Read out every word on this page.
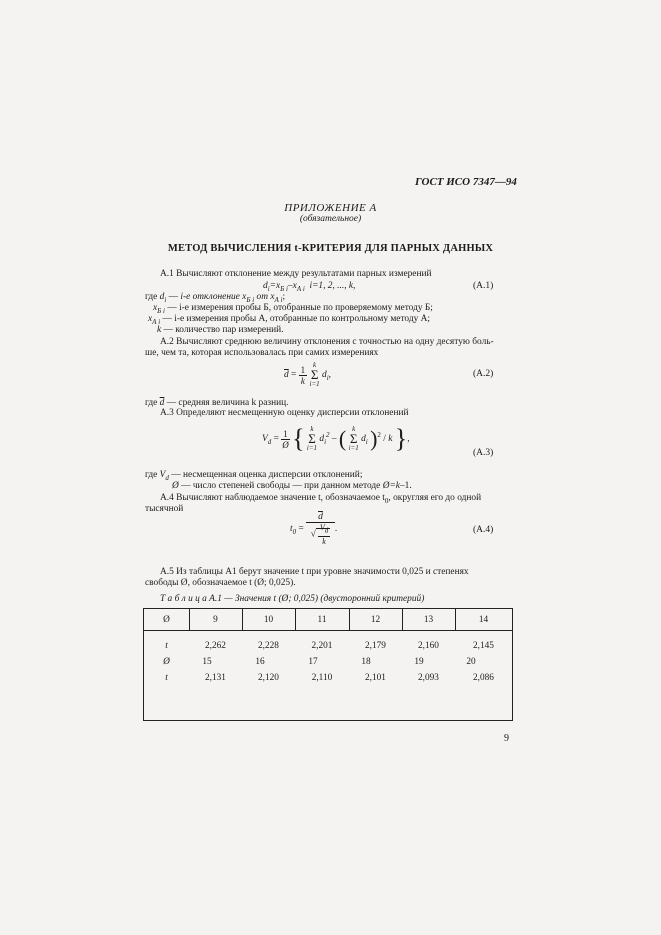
ГОСТ ИСО 7347—94
ПРИЛОЖЕНИЕ А
(обязательное)
МЕТОД ВЫЧИСЛЕНИЯ t-КРИТЕРИЯ ДЛЯ ПАРНЫХ ДАННЫХ
А.1 Вычисляют отклонение между результатами парных измерений
$d_i=x_{Б i}-x_{А i}$ i=1, 2, ..., k,	(А.1)
где $d_i$ — i-е отклонение $x_{Б i}$ от $x_{А i}$;
$x_{Б i}$ — i-е измерения пробы Б, отобранные по проверяемому методу Б;
$x_{А i}$ — i-е измерения пробы А, отобранные по контрольному методу А;
k — количество пар измерений.
А.2 Вычисляют среднюю величину отклонения с точностью на одну десятую боль-
ше, чем та, которая использовалась при самих измерениях
$\overline{d} = \frac{1}{k}$
k
Σ
i=1
$d_i$,	(А.2)
где $\overline{d}$ — средняя величина k разниц.
А.3 Определяют несмещенную оценку дисперсии отклонений
$V_d = \frac{1}{Ø}$ { k
Σ
i=1
$d_i^2$ – ( k
Σ
i=1
$d_i$ )$^2$ / k },
(А.3)
где $V_d$ — несмещенная оценка дисперсии отклонений;
Ø — число степеней свободы — при данном методе Ø=k–1.
А.4 Вычисляют наблюдаемое значение t, обозначаемое $t_0$, округляя его до одной
тысячной
$t_0 = \frac{\overline{d}}{√ \frac{V_d}{k}}$ .	(А.4)
А.5 Из таблицы А1 берут значение t при уровне значимости 0,025 и степенях
свободы Ø, обозначаемое t (Ø; 0,025).
Т а б л и ц а А.1 — Значения t (Ø; 0,025) (двусторонний критерий)
Ø	9	10	11	12	13	14
t	2,262	2,228	2,201	2,179	2,160	2,145
Ø	15	16	17	18	19	20
t	2,131	2,120	2,110	2,101	2,093	2,086
9
